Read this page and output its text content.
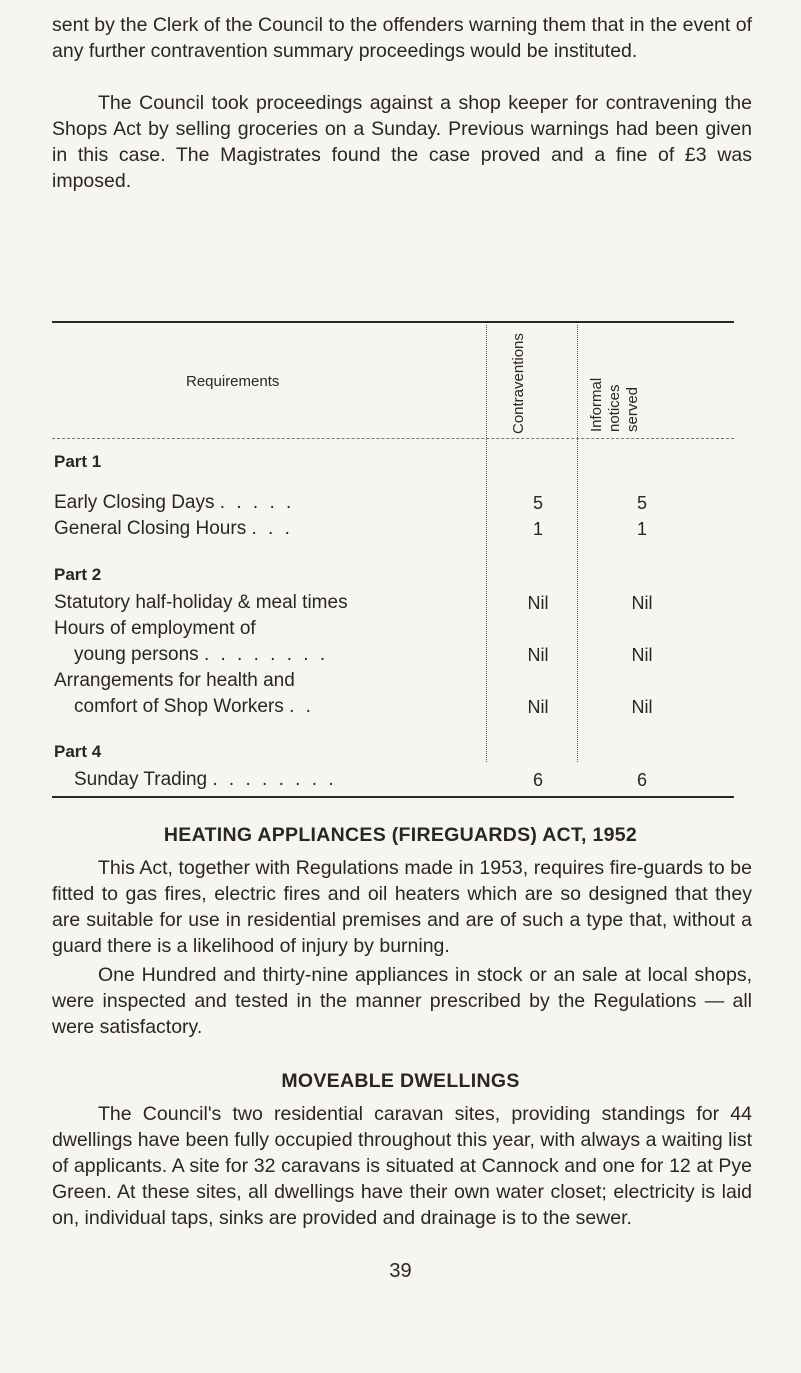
sent by the Clerk of the Council to the offenders warning them that in the event of any further contravention summary proceedings would be instituted.

The Council took proceedings against a shop keeper for contravening the Shops Act by selling groceries on a Sunday. Previous warnings had been given in this case. The Magistrates found the case proved and a fine of £3 was imposed.

Requirements	Contraventions	Informal notices served
Part 1
Early Closing Days . . . . .	5	5
General Closing Hours . . .	1	1
Part 2
Statutory half-holiday & meal times	Nil	Nil
Hours of employment of
young persons . . . . . . . .	Nil	Nil
Arrangements for health and
comfort of Shop Workers . .	Nil	Nil
Part 4
Sunday Trading . . . . . . . .	6	6
HEATING APPLIANCES (FIREGUARDS) ACT, 1952

This Act, together with Regulations made in 1953, requires fire-guards to be fitted to gas fires, electric fires and oil heaters which are so designed that they are suitable for use in residential premises and are of such a type that, without a guard there is a likelihood of injury by burning.

One Hundred and thirty-nine appliances in stock or an sale at local shops, were inspected and tested in the manner prescribed by the Regulations — all were satisfactory.

MOVEABLE DWELLINGS

The Council's two residential caravan sites, providing standings for 44 dwellings have been fully occupied throughout this year, with always a waiting list of applicants. A site for 32 caravans is situated at Cannock and one for 12 at Pye Green. At these sites, all dwellings have their own water closet; electricity is laid on, individual taps, sinks are provided and drainage is to the sewer.

39
